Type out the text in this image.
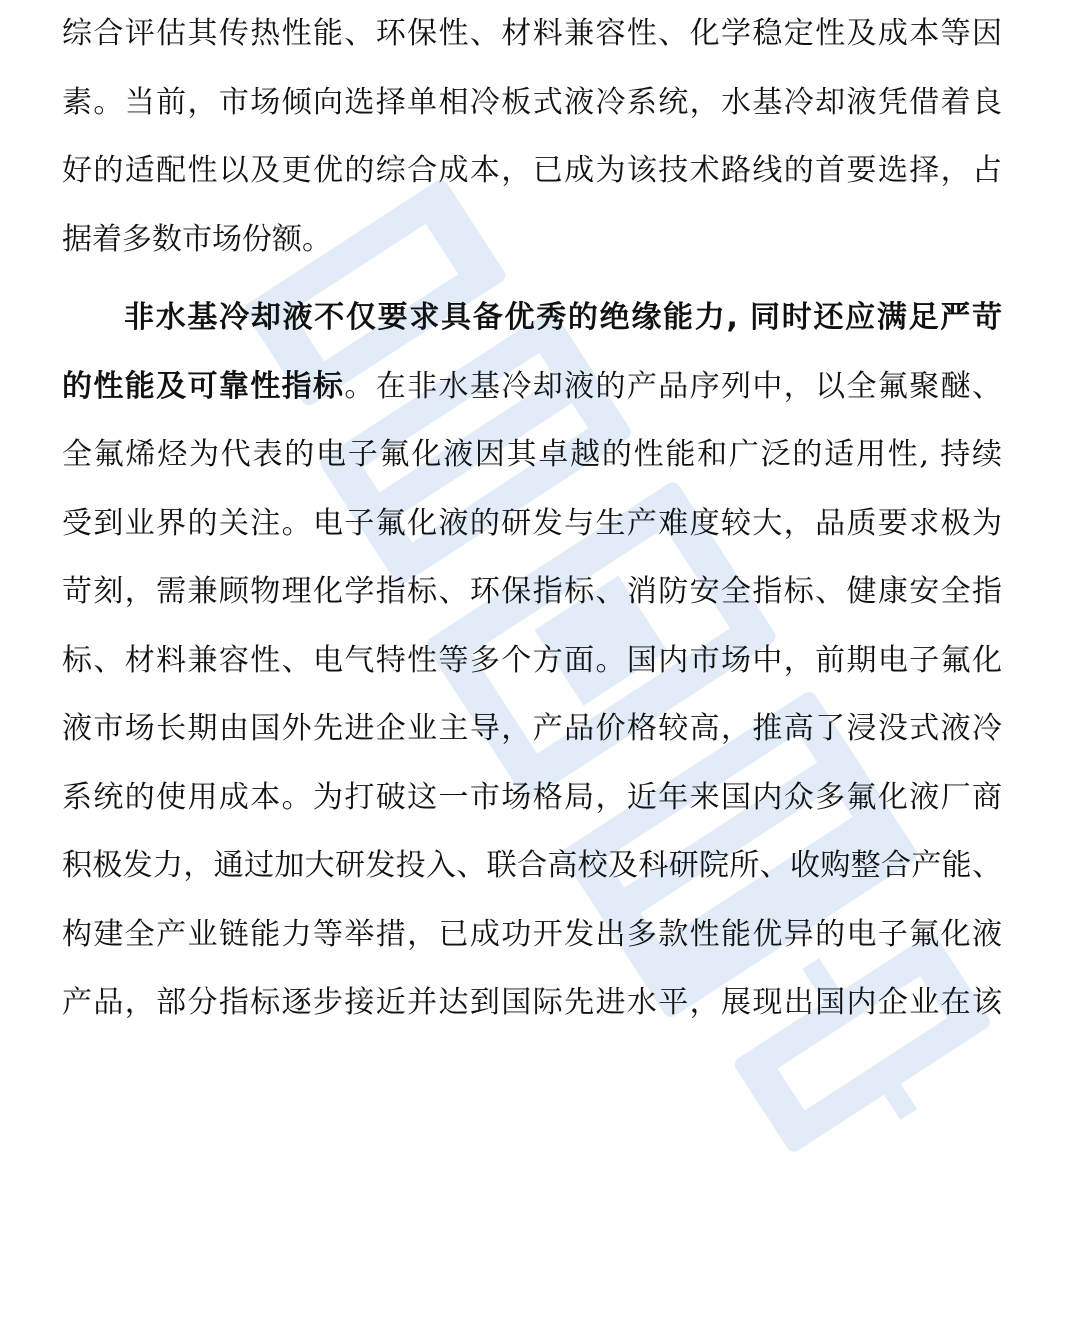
综合评估其传热性能、环保性、材料兼容性、化学稳定性及成本等因
素。当前，市场倾向选择单相冷板式液冷系统，水基冷却液凭借着良
好的适配性以及更优的综合成本，已成为该技术路线的首要选择，占
据着多数市场份额。
非水基冷却液不仅要求具备优秀的绝缘能力, 同时还应满足严苛
的性能及可靠性指标。在非水基冷却液的产品序列中，以全氟聚醚、
全氟烯烃为代表的电子氟化液因其卓越的性能和广泛的适用性, 持续
受到业界的关注。电子氟化液的研发与生产难度较大，品质要求极为
苛刻，需兼顾物理化学指标、环保指标、消防安全指标、健康安全指
标、材料兼容性、电气特性等多个方面。国内市场中，前期电子氟化
液市场长期由国外先进企业主导，产品价格较高，推高了浸没式液冷
系统的使用成本。为打破这一市场格局，近年来国内众多氟化液厂商
积极发力，通过加大研发投入、联合高校及科研院所、收购整合产能、
构建全产业链能力等举措，已成功开发出多款性能优异的电子氟化液
产品，部分指标逐步接近并达到国际先进水平，展现出国内企业在该
